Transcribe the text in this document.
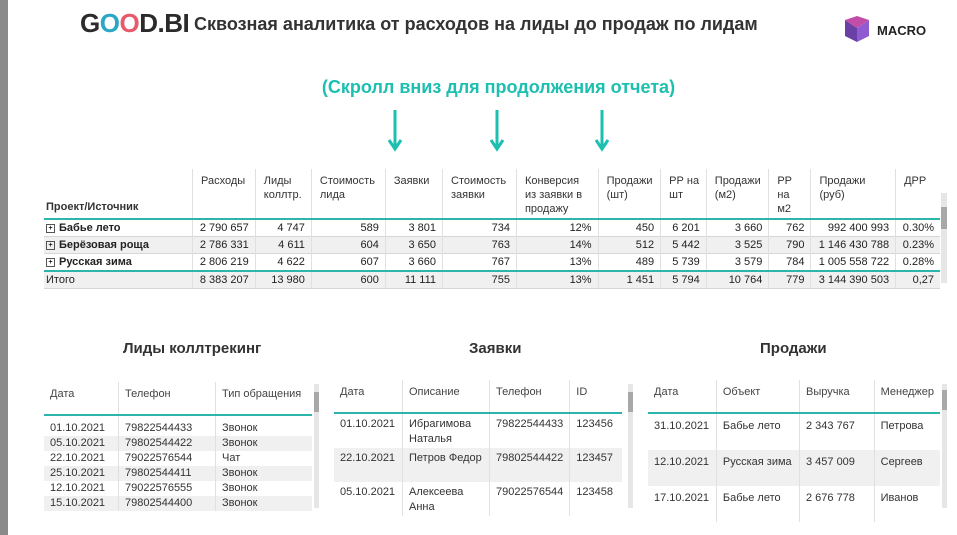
GOOD.BI Сквозная аналитика от расходов на лиды до продаж по лидам	MACRO
(Скролл вниз для продолжения отчета)
Проект/Источник	Расходы	Лиды коллтр.	Стоимость лида	Заявки	Стоимость заявки	Конверсия из заявки в продажу	Продажи (шт)	РР на шт	Продажи (м2)	РР на м2	Продажи (руб)	ДРР
+ Бабье лето	2 790 657	4 747	589	3 801	734	12%	450	6 201	3 660	762	992 400 993	0.30%
+ Берёзовая роща	2 786 331	4 611	604	3 650	763	14%	512	5 442	3 525	790	1 146 430 788	0.23%
+ Русская зима	2 806 219	4 622	607	3 660	767	13%	489	5 739	3 579	784	1 005 558 722	0.28%
Итого	8 383 207	13 980	600	11 111	755	13%	1 451	5 794	10 764	779	3 144 390 503	0,27
Лиды коллтрекинг
Дата	Телефон	Тип обращения

01.10.2021	79822544433	Звонок
05.10.2021	79802544422	Звонок
22.10.2021	79022576544	Чат
25.10.2021	79802544411	Звонок
12.10.2021	79022576555	Звонок
15.10.2021	79802544400	Звонок
Заявки
Дата	Описание	Телефон	ID
01.10.2021	Ибрагимова Наталья	79822544433	123456
22.10.2021	Петров Федор	79802544422	123457
05.10.2021	Алексеева Анна	79022576544	123458
Продажи
Дата	Объект	Выручка	Менеджер
31.10.2021	Бабье лето	2 343 767	Петрова
12.10.2021	Русская зима	3 457 009	Сергеев
17.10.2021	Бабье лето	2 676 778	Иванов
